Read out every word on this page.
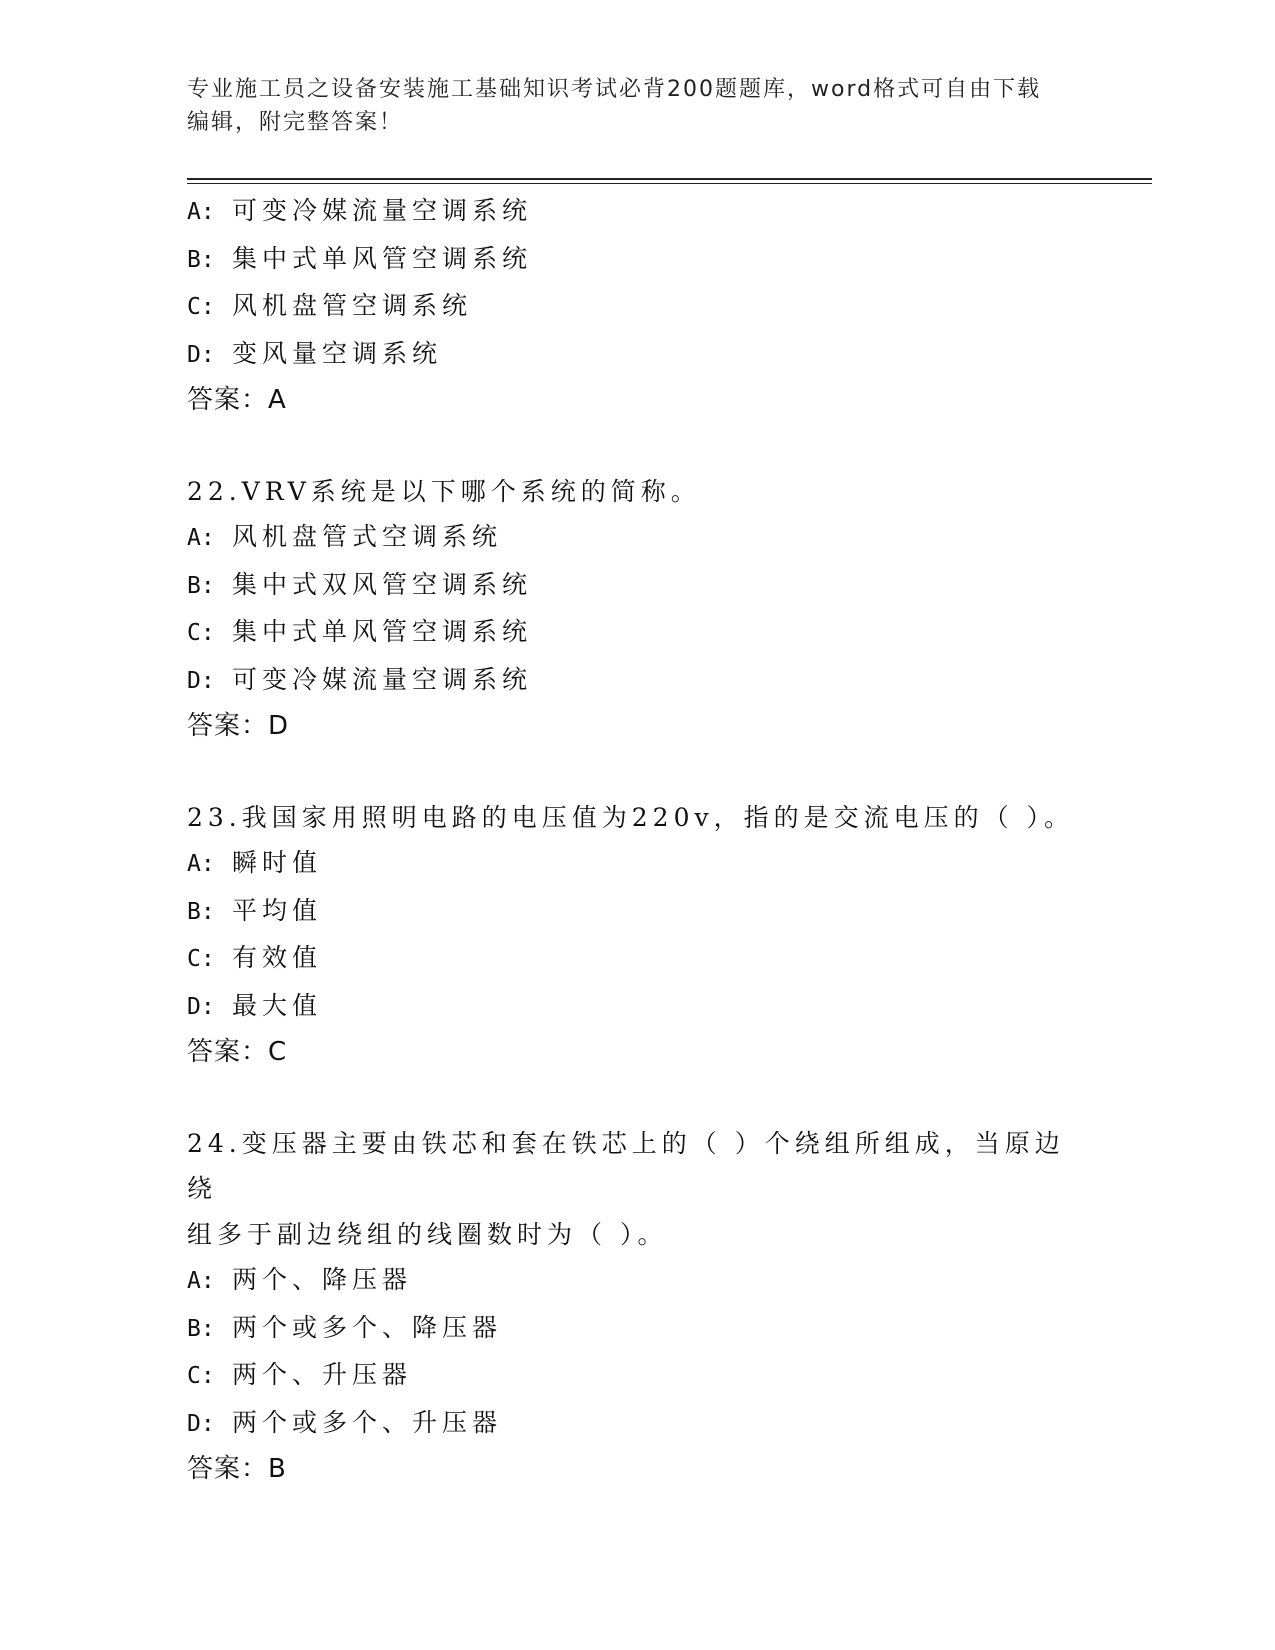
专业施工员之设备安装施工基础知识考试必背200题题库，word格式可自由下载
编辑，附完整答案！
A: 可变冷媒流量空调系统
B: 集中式单风管空调系统
C: 风机盘管空调系统
D: 变风量空调系统
答案：A
22.VRV系统是以下哪个系统的简称。
A: 风机盘管式空调系统
B: 集中式双风管空调系统
C: 集中式单风管空调系统
D: 可变冷媒流量空调系统
答案：D
23.我国家用照明电路的电压值为220v，指的是交流电压的（ ）。
A: 瞬时值
B: 平均值
C: 有效值
D: 最大值
答案：C
24.变压器主要由铁芯和套在铁芯上的（ ）个绕组所组成，当原边绕
组多于副边绕组的线圈数时为（ ）。
A: 两个、降压器
B: 两个或多个、降压器
C: 两个、升压器
D: 两个或多个、升压器
答案：B
